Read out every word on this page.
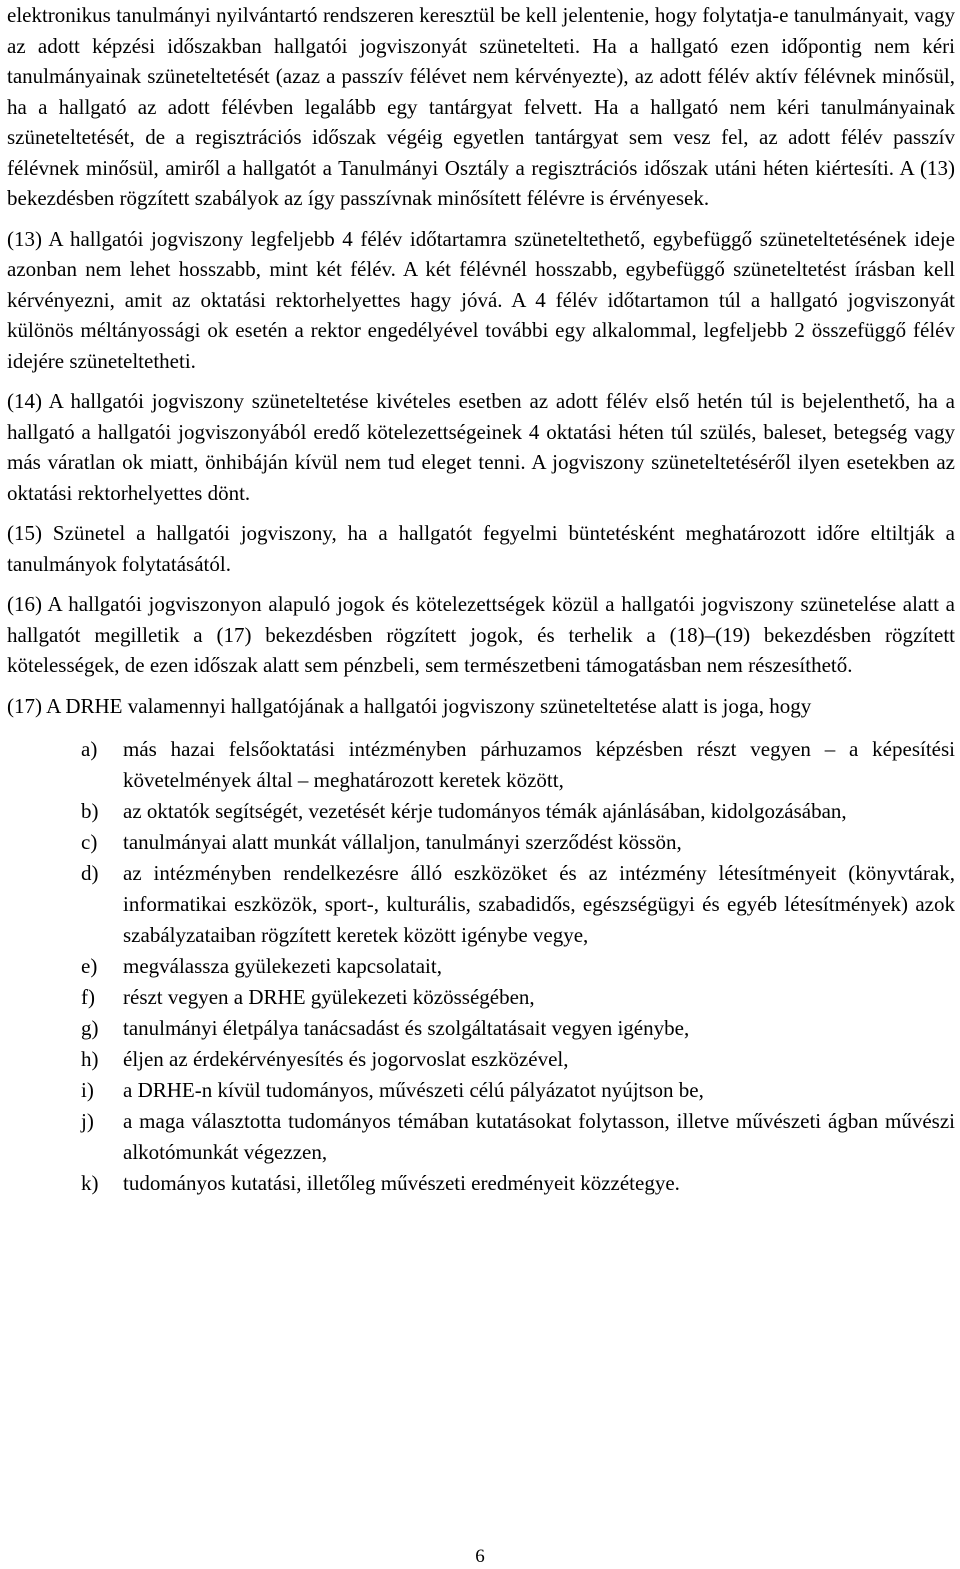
elektronikus tanulmányi nyilvántartó rendszeren keresztül be kell jelentenie, hogy folytatja-e tanulmányait, vagy az adott képzési időszakban hallgatói jogviszonyát szünetelteti. Ha a hallgató ezen időpontig nem kéri tanulmányainak szüneteltetését (azaz a passzív félévet nem kérvényezte), az adott félév aktív félévnek minősül, ha a hallgató az adott félévben legalább egy tantárgyat felvett. Ha a hallgató nem kéri tanulmányainak szüneteltetését, de a regisztrációs időszak végéig egyetlen tantárgyat sem vesz fel, az adott félév passzív félévnek minősül, amiről a hallgatót a Tanulmányi Osztály a regisztrációs időszak utáni héten kiértesíti. A (13) bekezdésben rögzített szabályok az így passzívnak minősített félévre is érvényesek.

(13) A hallgatói jogviszony legfeljebb 4 félév időtartamra szüneteltethető, egybefüggő szüneteltetésének ideje azonban nem lehet hosszabb, mint két félév. A két félévnél hosszabb, egybefüggő szüneteltetést írásban kell kérvényezni, amit az oktatási rektorhelyettes hagy jóvá. A 4 félév időtartamon túl a hallgató jogviszonyát különös méltányossági ok esetén a rektor engedélyével további egy alkalommal, legfeljebb 2 összefüggő félév idejére szüneteltetheti.

(14) A hallgatói jogviszony szüneteltetése kivételes esetben az adott félév első hetén túl is bejelenthető, ha a hallgató a hallgatói jogviszonyából eredő kötelezettségeinek 4 oktatási héten túl szülés, baleset, betegség vagy más váratlan ok miatt, önhibáján kívül nem tud eleget tenni. A jogviszony szüneteltetéséről ilyen esetekben az oktatási rektorhelyettes dönt.

(15) Szünetel a hallgatói jogviszony, ha a hallgatót fegyelmi büntetésként meghatározott időre eltiltják a tanulmányok folytatásától.

(16) A hallgatói jogviszonyon alapuló jogok és kötelezettségek közül a hallgatói jogviszony szünetelése alatt a hallgatót megilletik a (17) bekezdésben rögzített jogok, és terhelik a (18)–(19) bekezdésben rögzített kötelességek, de ezen időszak alatt sem pénzbeli, sem természetbeni támogatásban nem részesíthető.

(17) A DRHE valamennyi hallgatójának a hallgatói jogviszony szüneteltetése alatt is joga, hogy

a)	más hazai felsőoktatási intézményben párhuzamos képzésben részt vegyen – a képesítési követelmények által – meghatározott keretek között,
b)	az oktatók segítségét, vezetését kérje tudományos témák ajánlásában, kidolgozásában,
c)	tanulmányai alatt munkát vállaljon, tanulmányi szerződést kössön,
d)	az intézményben rendelkezésre álló eszközöket és az intézmény létesítményeit (könyvtárak, informatikai eszközök, sport-, kulturális, szabadidős, egészségügyi és egyéb létesítmények) azok szabályzataiban rögzített keretek között igénybe vegye,
e)	megválassza gyülekezeti kapcsolatait,
f)	részt vegyen a DRHE gyülekezeti közösségében,
g)	tanulmányi életpálya tanácsadást és szolgáltatásait vegyen igénybe,
h)	éljen az érdekérvényesítés és jogorvoslat eszközével,
i)	a DRHE-n kívül tudományos, művészeti célú pályázatot nyújtson be,
j)	a maga választotta tudományos témában kutatásokat folytasson, illetve művészeti ágban művészi alkotómunkát végezzen,
k)	tudományos kutatási, illetőleg művészeti eredményeit közzétegye.
6
